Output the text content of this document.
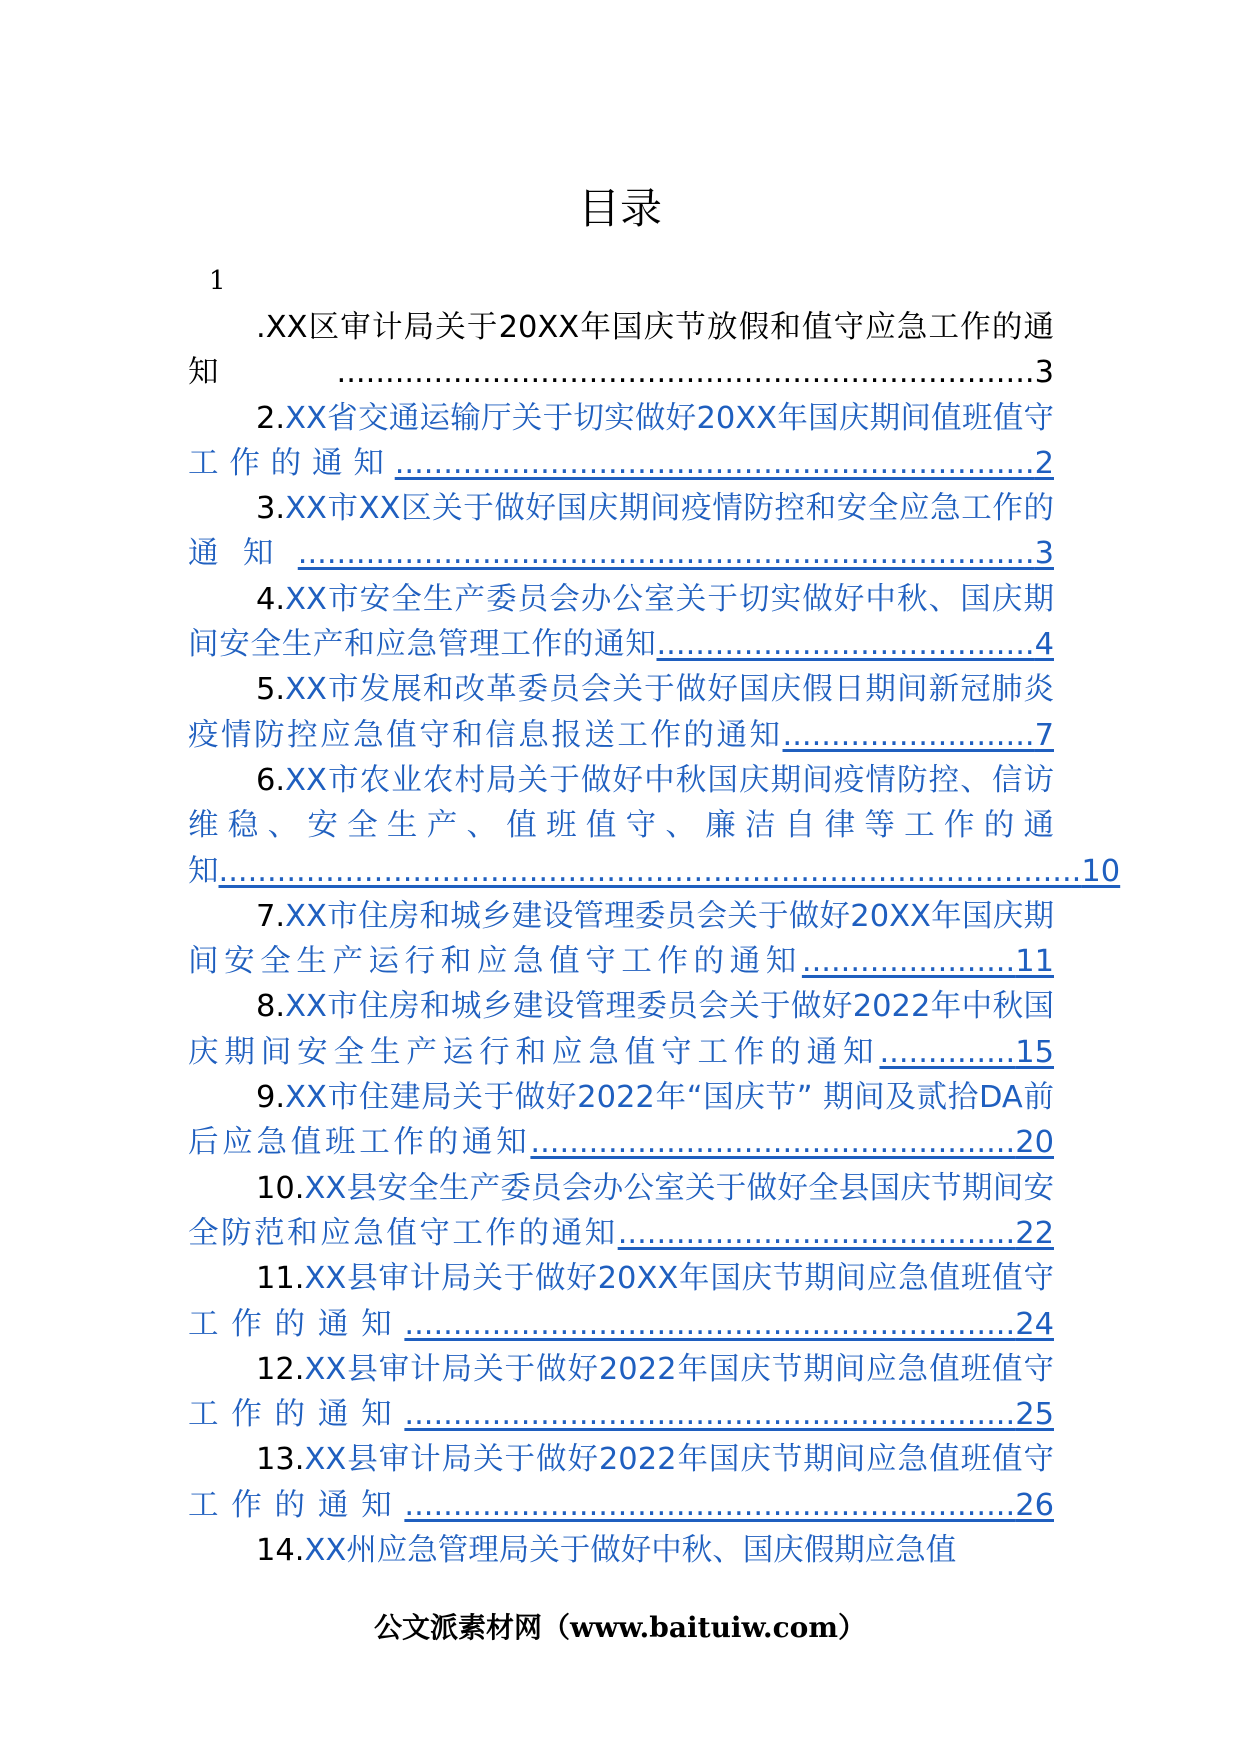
目录
1

.XX区审计局关于20XX年国庆节放假和值守应急工作的通知........................................................................3

2.XX省交通运输厅关于切实做好20XX年国庆期间值班值守工作的通知..................................................................2

3.XX市XX区关于做好国庆期间疫情防控和安全应急工作的通知............................................................................3

4.XX市安全生产委员会办公室关于切实做好中秋、国庆期间安全生产和应急管理工作的通知.......................................4

5.XX市发展和改革委员会关于做好国庆假日期间新冠肺炎疫情防控应急值守和信息报送工作的通知..........................7

6.XX市农业农村局关于做好中秋国庆期间疫情防控、信访维稳、安全生产、值班值守、廉洁自律等工作的通知.........................................................................................10

7.XX市住房和城乡建设管理委员会关于做好20XX年国庆期间安全生产运行和应急值守工作的通知......................11

8.XX市住房和城乡建设管理委员会关于做好2022年中秋国庆期间安全生产运行和应急值守工作的通知..............15

9.XX市住建局关于做好2022年“国庆节” 期间及贰拾DA前后应急值班工作的通知..................................................20

10.XX县安全生产委员会办公室关于做好全县国庆节期间安全防范和应急值守工作的通知.........................................22

11.XX县审计局关于做好20XX年国庆节期间应急值班值守工作的通知...............................................................24

12.XX县审计局关于做好2022年国庆节期间应急值班值守工作的通知...............................................................25

13.XX县审计局关于做好2022年国庆节期间应急值班值守工作的通知...............................................................26

14.XX州应急管理局关于做好中秋、国庆假期应急值

公文派素材网（www.baituiw.com）
